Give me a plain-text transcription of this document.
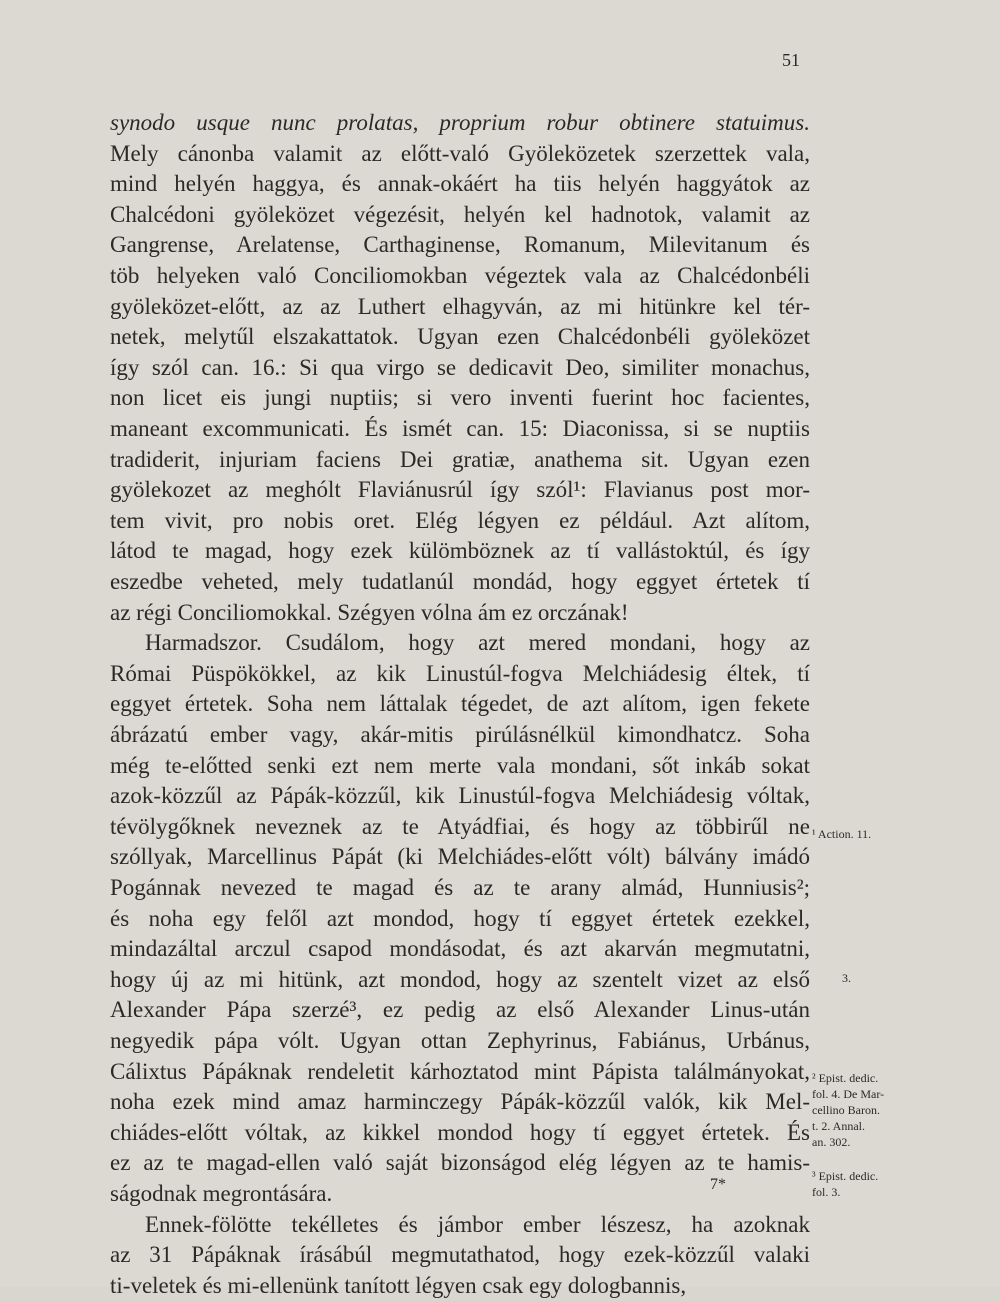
51
synodo usque nunc prolatas, proprium robur obtinere statuimus.
Mely cánonba valamit az előtt-való Gyöleközetek szerzettek vala,
mind helyén haggya, és annak-okáért ha tiis helyén haggyátok az
Chalcédoni gyöleközet végezésit, helyén kel hadnotok, valamit az
Gangrense, Arelatense, Carthaginense, Romanum, Milevitanum és
töb helyeken való Conciliomokban végeztek vala az Chalcédonbéli
gyöleközet-előtt, az az Luthert elhagyván, az mi hitünkre kel tér-
netek, melytűl elszakattatok. Ugyan ezen Chalcédonbéli gyöleközet
így szól can. 16.: Si qua virgo se dedicavit Deo, similiter monachus,
non licet eis jungi nuptiis; si vero inventi fuerint hoc facientes,
maneant excommunicati. És ismét can. 15: Diaconissa, si se nuptiis
tradiderit, injuriam faciens Dei gratiæ, anathema sit. Ugyan ezen
gyölekozet az meghólt Flaviánusrúl így szól¹: Flavianus post mor-
tem vivit, pro nobis oret. Elég légyen ez például. Azt alítom,
látod te magad, hogy ezek külömböznek az tí vallástoktúl, és így
eszedbe veheted, mely tudatlanúl mondád, hogy eggyet értetek tí
az régi Conciliomokkal. Szégyen vólna ám ez orczának!
Harmadszor. Csudálom, hogy azt mered mondani, hogy az
Római Püspökökkel, az kik Linustúl-fogva Melchiádesig éltek, tí
eggyet értetek. Soha nem láttalak tégedet, de azt alítom, igen fekete
ábrázatú ember vagy, akár-mitis pirúlásnélkül kimondhatcz. Soha
még te-előtted senki ezt nem merte vala mondani, sőt inkáb sokat
azok-közzűl az Pápák-közzűl, kik Linustúl-fogva Melchiádesig vóltak,
tévölygőknek neveznek az te Atyádfiai, és hogy az többirűl ne
szóllyak, Marcellinus Pápát (ki Melchiádes-előtt vólt) bálvány imádó
Pogánnak nevezed te magad és az te arany almád, Hunniusis²;
és noha egy felől azt mondod, hogy tí eggyet értetek ezekkel,
mindazáltal arczul csapod mondásodat, és azt akarván megmutatni,
hogy új az mi hitünk, azt mondod, hogy az szentelt vizet az első
Alexander Pápa szerzé³, ez pedig az első Alexander Linus-után
negyedik pápa vólt. Ugyan ottan Zephyrinus, Fabiánus, Urbánus,
Cálixtus Pápáknak rendeletit kárhoztatod mint Pápista találmányokat,
noha ezek mind amaz harminczegy Pápák-közzűl valók, kik Mel-
chiádes-előtt vóltak, az kikkel mondod hogy tí eggyet értetek. És
ez az te magad-ellen való saját bizonságod elég légyen az te hamis-
ságodnak megrontására.
Ennek-fölötte tekélletes és jámbor ember lészesz, ha azoknak
az 31 Pápáknak írásábúl megmutathatod, hogy ezek-közzűl valaki
ti-veletek és mi-ellenünk tanított légyen csak egy dologbannis,
¹ Action. 11.
3.
² Epist. dedic.
fol. 4. De Mar-
cellino Baron.
t. 2. Annal.
an. 302.
³ Epist. dedic.
fol. 3.
7*
